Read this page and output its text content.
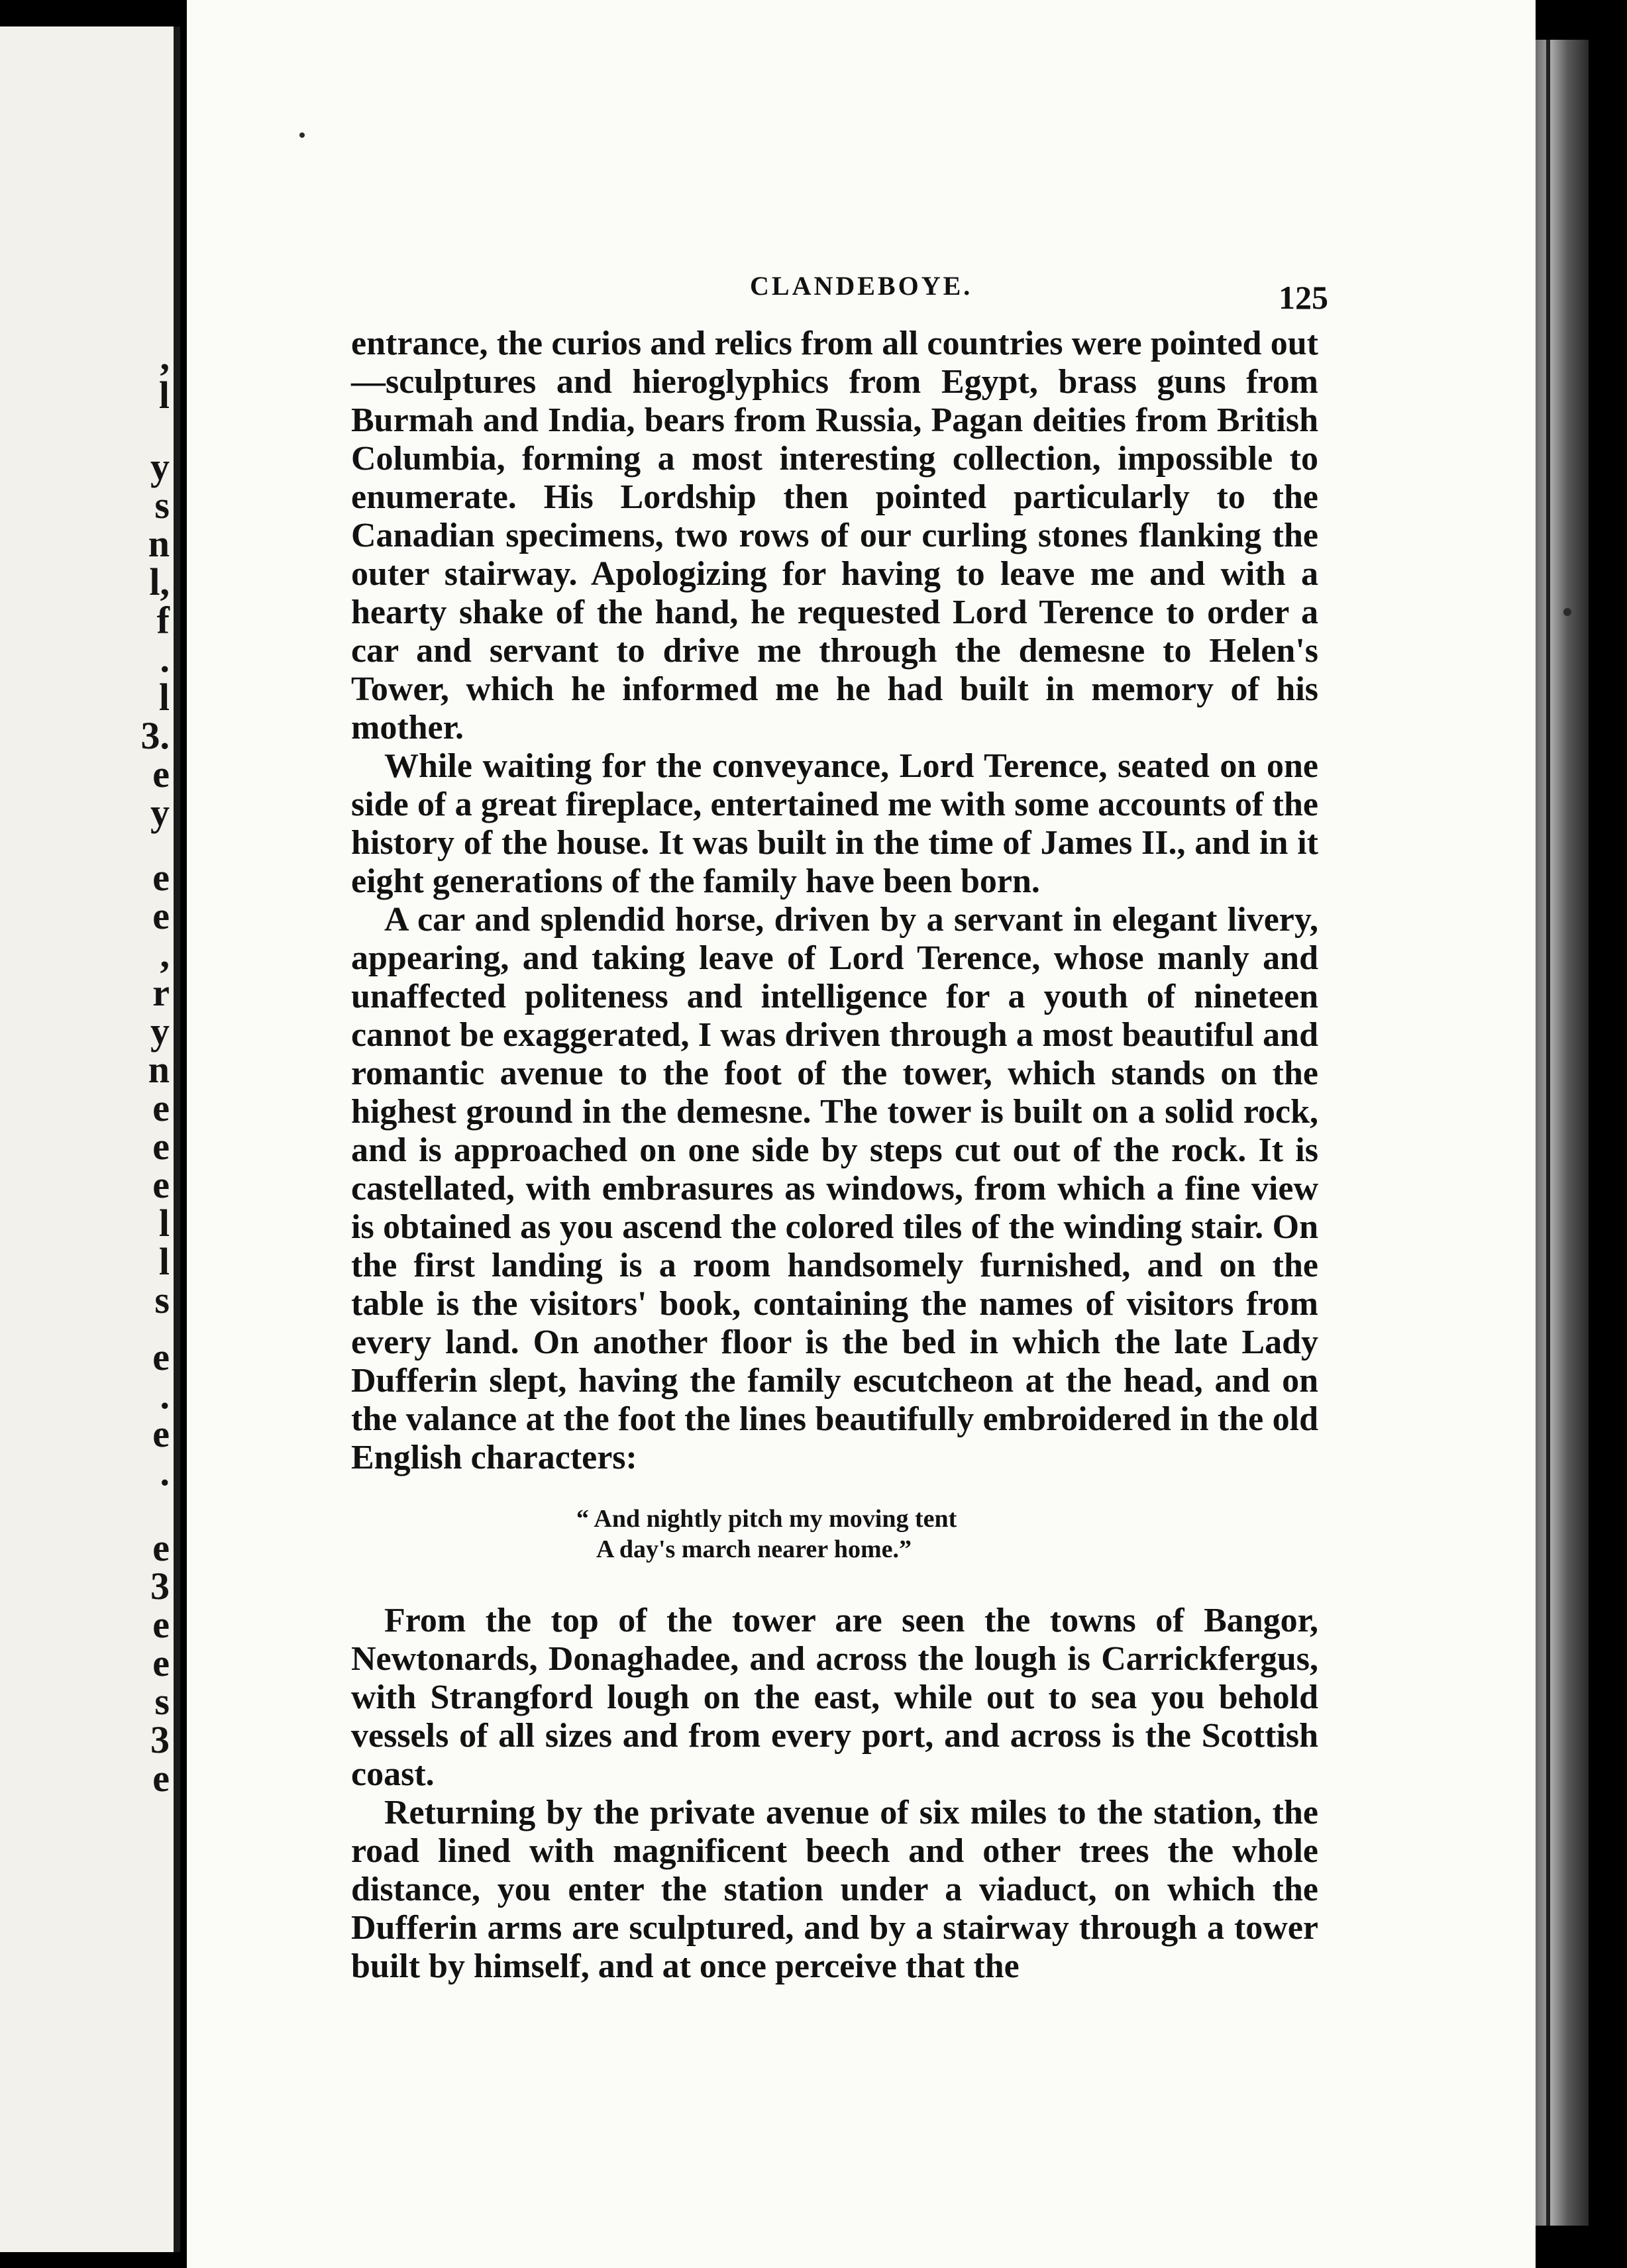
,
l
y
s
n
l,
f
.
l
3.
e
y
e
e
,
r
y
n
e
e
e
l
l
s
e
.
e
.
e
3
e
e
s
3
e
CLANDEBOYE.	125

entrance, the curios and relics from all countries were pointed out—sculptures and hieroglyphics from Egypt, brass guns from Burmah and India, bears from Russia, Pagan deities from British Columbia, forming a most interesting collection, impossible to enumerate. His Lordship then pointed particularly to the Canadian specimens, two rows of our curling stones flanking the outer stairway. Apologizing for having to leave me and with a hearty shake of the hand, he requested Lord Terence to order a car and servant to drive me through the demesne to Helen's Tower, which he informed me he had built in memory of his mother.

While waiting for the conveyance, Lord Terence, seated on one side of a great fireplace, entertained me with some accounts of the history of the house. It was built in the time of James II., and in it eight generations of the family have been born.

A car and splendid horse, driven by a servant in elegant livery, appearing, and taking leave of Lord Terence, whose manly and unaffected politeness and intelligence for a youth of nineteen cannot be exaggerated, I was driven through a most beautiful and romantic avenue to the foot of the tower, which stands on the highest ground in the demesne. The tower is built on a solid rock, and is approached on one side by steps cut out of the rock. It is castellated, with embrasures as windows, from which a fine view is obtained as you ascend the colored tiles of the winding stair. On the first landing is a room handsomely furnished, and on the table is the visitors' book, containing the names of visitors from every land. On another floor is the bed in which the late Lady Dufferin slept, having the family escutcheon at the head, and on the valance at the foot the lines beautifully embroidered in the old English characters:

“ And nightly pitch my moving tent
A day's march nearer home.”

From the top of the tower are seen the towns of Bangor, Newtonards, Donaghadee, and across the lough is Carrickfergus, with Strangford lough on the east, while out to sea you behold vessels of all sizes and from every port, and across is the Scottish coast.

Returning by the private avenue of six miles to the station, the road lined with magnificent beech and other trees the whole distance, you enter the station under a viaduct, on which the Dufferin arms are sculptured, and by a stairway through a tower built by himself, and at once perceive that the
